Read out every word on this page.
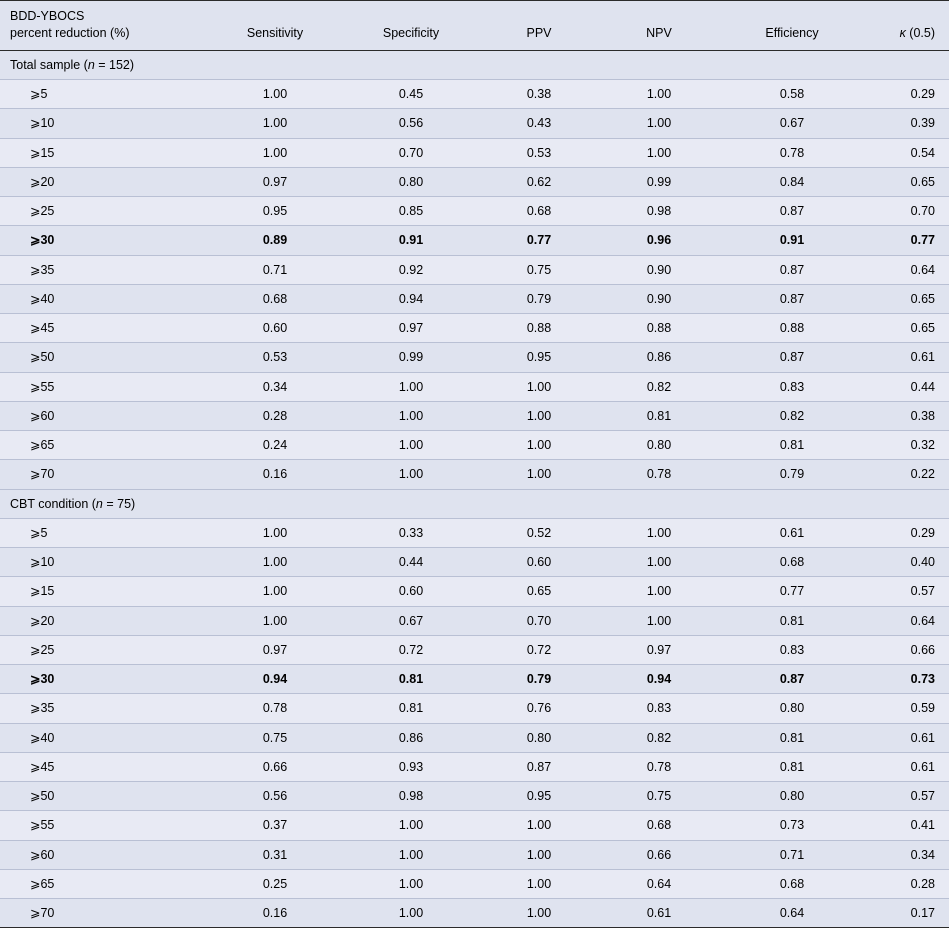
BDD-YBOCS
percent reduction (%)	Sensitivity	Specificity	PPV	NPV	Efficiency	κ (0.5)
Total sample (n = 152)						
⩾5	1.00	0.45	0.38	1.00	0.58	0.29
⩾10	1.00	0.56	0.43	1.00	0.67	0.39
⩾15	1.00	0.70	0.53	1.00	0.78	0.54
⩾20	0.97	0.80	0.62	0.99	0.84	0.65
⩾25	0.95	0.85	0.68	0.98	0.87	0.70
⩾30	0.89	0.91	0.77	0.96	0.91	0.77
⩾35	0.71	0.92	0.75	0.90	0.87	0.64
⩾40	0.68	0.94	0.79	0.90	0.87	0.65
⩾45	0.60	0.97	0.88	0.88	0.88	0.65
⩾50	0.53	0.99	0.95	0.86	0.87	0.61
⩾55	0.34	1.00	1.00	0.82	0.83	0.44
⩾60	0.28	1.00	1.00	0.81	0.82	0.38
⩾65	0.24	1.00	1.00	0.80	0.81	0.32
⩾70	0.16	1.00	1.00	0.78	0.79	0.22
CBT condition (n = 75)						
⩾5	1.00	0.33	0.52	1.00	0.61	0.29
⩾10	1.00	0.44	0.60	1.00	0.68	0.40
⩾15	1.00	0.60	0.65	1.00	0.77	0.57
⩾20	1.00	0.67	0.70	1.00	0.81	0.64
⩾25	0.97	0.72	0.72	0.97	0.83	0.66
⩾30	0.94	0.81	0.79	0.94	0.87	0.73
⩾35	0.78	0.81	0.76	0.83	0.80	0.59
⩾40	0.75	0.86	0.80	0.82	0.81	0.61
⩾45	0.66	0.93	0.87	0.78	0.81	0.61
⩾50	0.56	0.98	0.95	0.75	0.80	0.57
⩾55	0.37	1.00	1.00	0.68	0.73	0.41
⩾60	0.31	1.00	1.00	0.66	0.71	0.34
⩾65	0.25	1.00	1.00	0.64	0.68	0.28
⩾70	0.16	1.00	1.00	0.61	0.64	0.17
